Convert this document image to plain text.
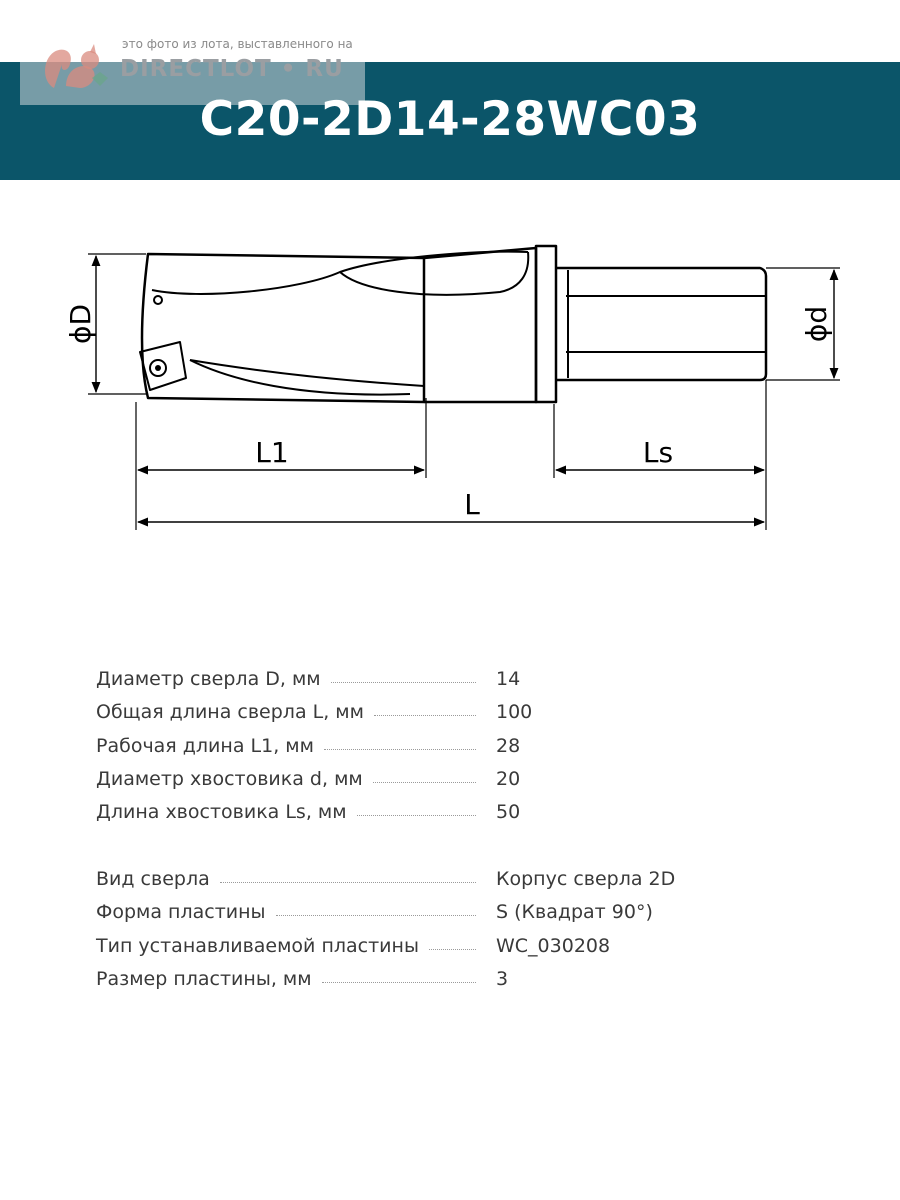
это фото из лота, выставленного на
DIRECTLOT • RU
C20-2D14-28WC03
ϕD	ϕd
L1	Ls
L
Диаметр сверла D, мм	14
Общая длина сверла L, мм	100
Рабочая длина L1, мм	28
Диаметр хвостовика d, мм	20
Длина хвостовика Ls, мм	50
Вид сверла	Корпус сверла 2D
Форма пластины	S (Квадрат 90°)
Тип устанавливаемой пластины	WC_030208
Размер пластины, мм	3
